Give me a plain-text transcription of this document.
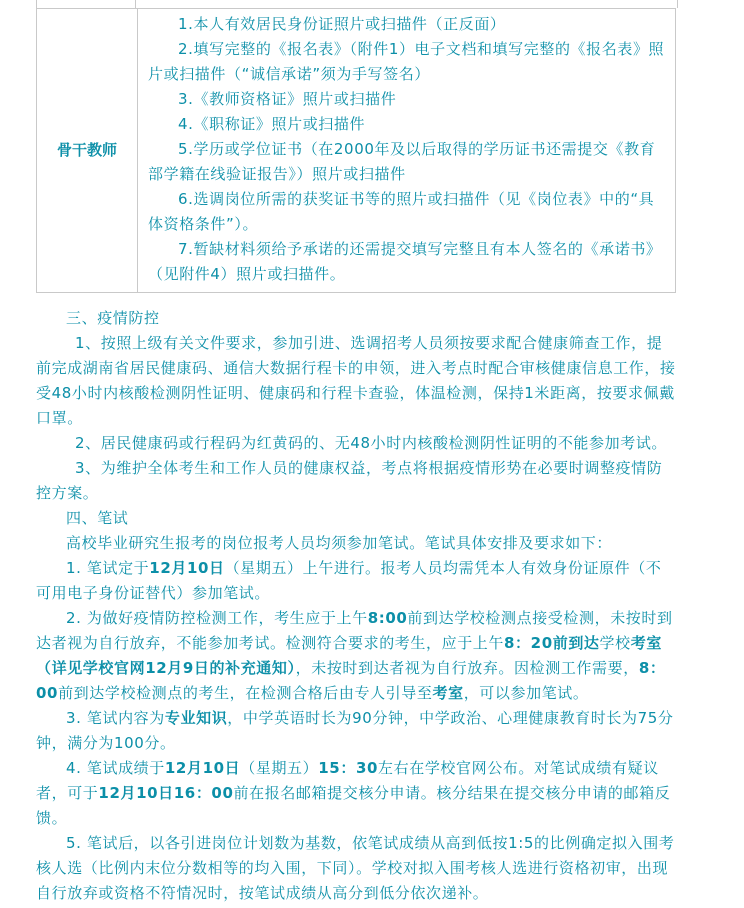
骨干教师	

1.本人有效居民身份证照片或扫描件（正反面）

2.填写完整的《报名表》（附件1）电子文档和填写完整的《报名表》照片或扫描件（“诚信承诺”须为手写签名）

3.《教师资格证》照片或扫描件

4.《职称证》照片或扫描件

5.学历或学位证书（在2000年及以后取得的学历证书还需提交《教育部学籍在线验证报告》）照片或扫描件

6.选调岗位所需的获奖证书等的照片或扫描件（见《岗位表》中的“具体资格条件”）。

7.暂缺材料须给予承诺的还需提交填写完整且有本人签名的《承诺书》（见附件4）照片或扫描件。

三、疫情防控

1、按照上级有关文件要求，参加引进、选调招考人员须按要求配合健康筛查工作，提前完成湖南省居民健康码、通信大数据行程卡的申领，进入考点时配合审核健康信息工作，接受48小时内核酸检测阴性证明、健康码和行程卡查验，体温检测，保持1米距离，按要求佩戴口罩。

2、居民健康码或行程码为红黄码的、无48小时内核酸检测阴性证明的不能参加考试。

3、为维护全体考生和工作人员的健康权益，考点将根据疫情形势在必要时调整疫情防控方案。

四、笔试

高校毕业研究生报考的岗位报考人员均须参加笔试。笔试具体安排及要求如下：

1. 笔试定于12月10日（星期五）上午进行。报考人员均需凭本人有效身份证原件（不可用电子身份证替代）参加笔试。

2. 为做好疫情防控检测工作，考生应于上午8:00前到达学校检测点接受检测，未按时到达者视为自行放弃，不能参加考试。检测符合要求的考生，应于上午8：20前到达学校考室（详见学校官网12月9日的补充通知），未按时到达者视为自行放弃。因检测工作需要，8：00前到达学校检测点的考生，在检测合格后由专人引导至考室，可以参加笔试。

3. 笔试内容为专业知识，中学英语时长为90分钟，中学政治、心理健康教育时长为75分钟，满分为100分。

4. 笔试成绩于12月10日（星期五）15：30左右在学校官网公布。对笔试成绩有疑议者，可于12月10日16：00前在报名邮箱提交核分申请。核分结果在提交核分申请的邮箱反馈。

5. 笔试后，以各引进岗位计划数为基数，依笔试成绩从高到低按1:5的比例确定拟入围考核人选（比例内末位分数相等的均入围，下同）。学校对拟入围考核人选进行资格初审，出现自行放弃或资格不符情况时，按笔试成绩从高分到低分依次递补。
